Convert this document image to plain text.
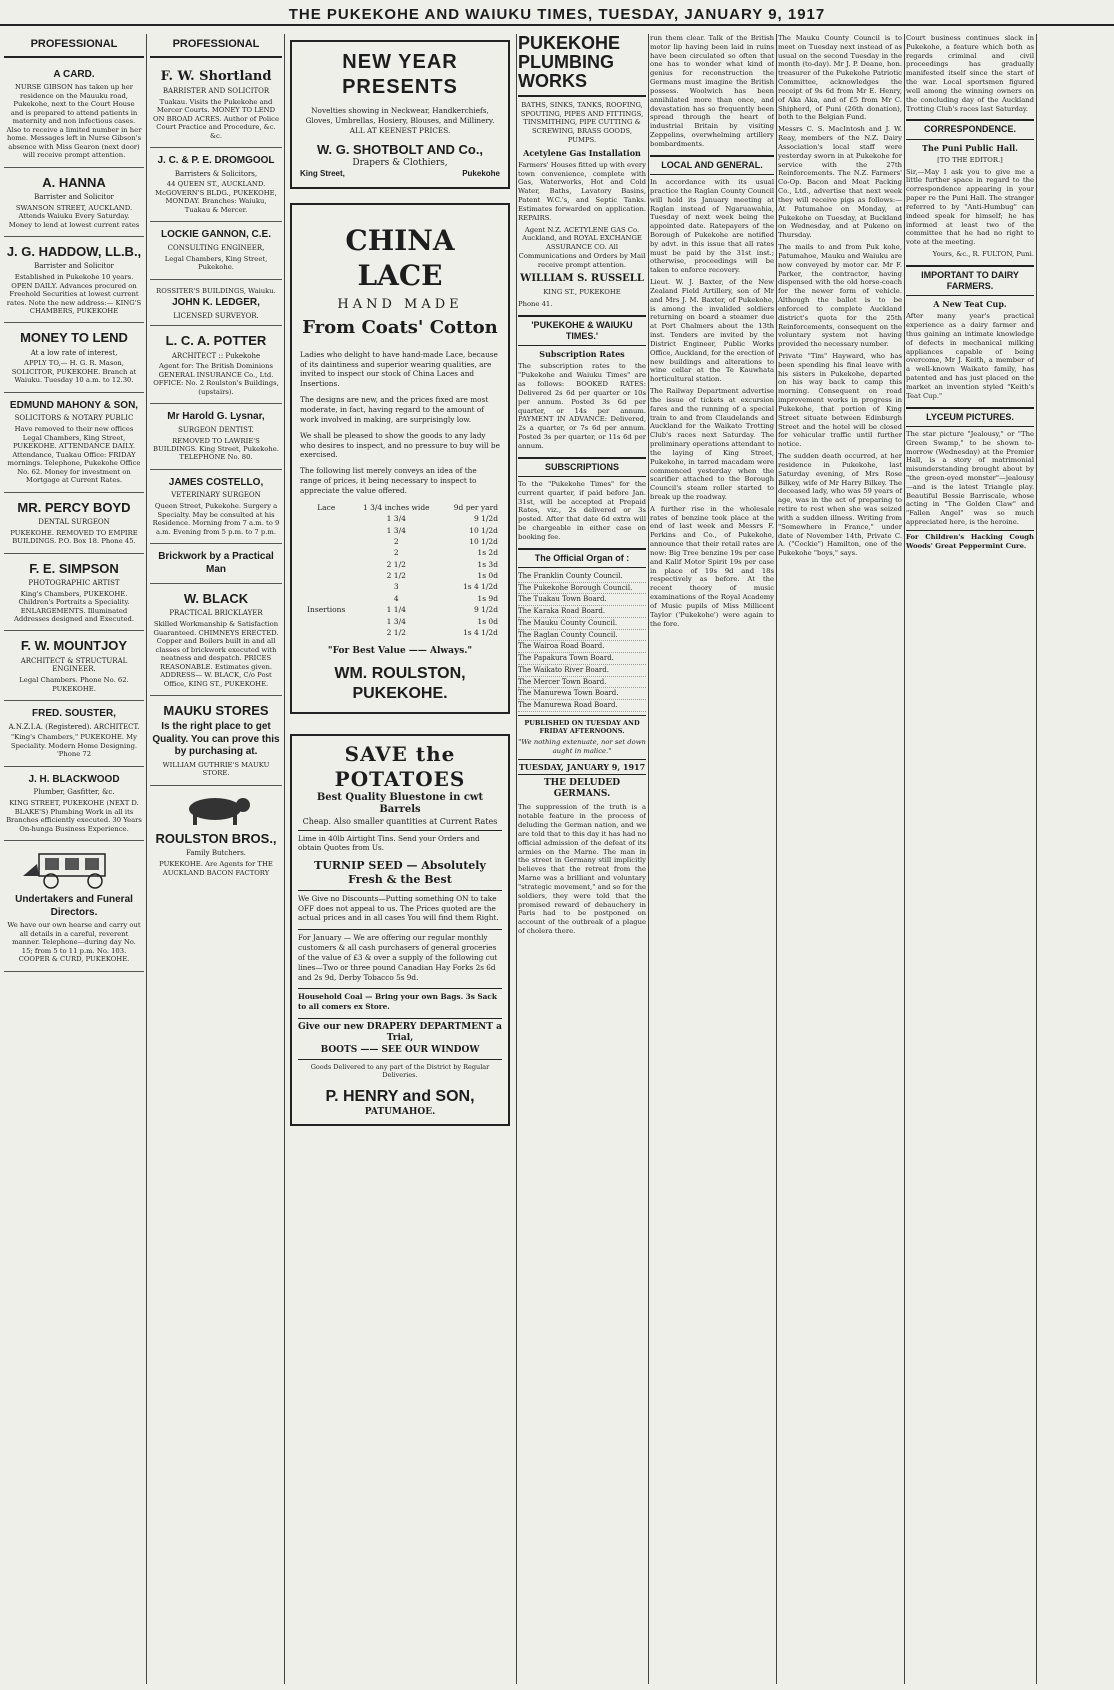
THE PUKEKOHE AND WAIUKU TIMES, TUESDAY, JANUARY 9, 1917
PROFESSIONAL
A CARD.

NURSE GIBSON has taken up her residence on the Mauuku road, Pukekohe, next to the Court House and is prepared to attend patients in maternity and non infectious cases. Also to receive a limited number in her home. Messages left in Nurse Gibson's absence with Miss Gearon (next door) will receive prompt attention.

A. HANNA
Barrister and Solicitor

SWANSON STREET, AUCKLAND. Attends Waiuku Every Saturday. Money to lend at lowest current rates

J. G. HADDOW, LL.B.,
Barrister and Solicitor

Established in Pukekohe 10 years. OPEN DAILY. Advances procured on Freehold Securities at lowest current rates. Note the new address:— KING'S CHAMBERS, PUKEKOHE

MONEY TO LEND
At a low rate of interest,

APPLY TO,— H. G. R. Mason, SOLICITOR, PUKEKOHE. Branch at Waiuku. Tuesday 10 a.m. to 12.30.

EDMUND MAHONY & SON,
SOLICITORS & NOTARY PUBLIC

Have removed to their new offices Legal Chambers, King Street, PUKEKOHE. ATTENDANCE DAILY. Attendance, Tuakau Office: FRIDAY mornings. Telephone, Pukekohe Office No. 62. Money for investment on Mortgage at Current Rates.

MR. PERCY BOYD
DENTAL SURGEON

PUKEKOHE. REMOVED TO EMPIRE BUILDINGS. P.O. Box 18. Phone 45.

F. E. SIMPSON
PHOTOGRAPHIC ARTIST

King's Chambers, PUKEKOHE. Children's Portraits a Speciality. ENLARGEMENTS. Illuminated Addresses designed and Executed.

F. W. MOUNTJOY
ARCHITECT & STRUCTURAL ENGINEER.

Legal Chambers. Phone No. 62. PUKEKOHE.

FRED. SOUSTER,
A.N.Z.I.A. (Registered). ARCHITECT.

"King's Chambers," PUKEKOHE. My Speciality. Modern Home Designing. 'Phone 72

J. H. BLACKWOOD
Plumber, Gasfitter, &c.

KING STREET, PUKEKOHE (NEXT D. BLAKE'S) Plumbing Work in all its Branches efficiently executed. 30 Years On-hunga Business Experience.

Undertakers and Funeral Directors.

We have our own hearse and carry out all details in a careful, reverent manner. Telephone—during day No. 15; from 5 to 11 p.m. No. 103. COOPER & CURD, PUKEKOHE.

PROFESSIONAL
F. W. Shortland
BARRISTER AND SOLICITOR

Tuakau. Visits the Pukekohe and Mercer Courts. MONEY TO LEND ON BROAD ACRES. Author of Police Court Practice and Procedure, &c. &c.

J. C. & P. E. DROMGOOL
Barristers & Solicitors,

44 QUEEN ST., AUCKLAND. McGOVERN'S BLDG., PUKEKOHE, MONDAY. Branches: Waiuku, Tuakau & Mercer.

LOCKIE GANNON, C.E.
CONSULTING ENGINEER,

Legal Chambers, King Street, Pukekohe.

ROSSITER'S BUILDINGS, Waiuku.

JOHN K. LEDGER,
LICENSED SURVEYOR.
L. C. A. POTTER
ARCHITECT :: Pukekohe

Agent for: The British Dominions GENERAL INSURANCE Co., Ltd. OFFICE: No. 2 Roulston's Buildings, (upstairs).

Mr Harold G. Lysnar,
SURGEON DENTIST.

REMOVED TO LAWRIE'S BUILDINGS. King Street, Pukekohe. TELEPHONE No. 80.

JAMES COSTELLO,
VETERINARY SURGEON

Queen Street, Pukekohe. Surgery a Specialty. May be consulted at his Residence. Morning from 7 a.m. to 9 a.m. Evening from 5 p.m. to 7 p.m.

Brickwork by a Practical Man
W. BLACK
PRACTICAL BRICKLAYER

Skilled Workmanship & Satisfaction Guaranteed. CHIMNEYS ERECTED. Copper and Boilers built in and all classes of brickwork executed with neatness and despatch. PRICES REASONABLE. Estimates given. ADDRESS— W. BLACK, C/o Post Office, KING ST., PUKEKOHE.

MAUKU STORES
Is the right place to get Quality. You can prove this by purchasing at.

WILLIAM GUTHRIE'S MAUKU STORE.

ROULSTON BROS.,
Family Butchers.

PUKEKOHE. Are Agents for THE AUCKLAND BACON FACTORY

NEW YEAR PRESENTS
Novelties showing in Neckwear, Handkerchiefs, Gloves, Umbrellas, Hosiery, Blouses, and Millinery. ALL AT KEENEST PRICES.
W. G. SHOTBOLT AND Co.,
Drapers & Clothiers,
King Street,	Pukekohe
CHINA LACE
HAND MADE
From Coats' Cotton
Ladies who delight to have hand-made Lace, because of its daintiness and superior wearing qualities, are invited to inspect our stock of China Laces and Insertions.
The designs are new, and the prices fixed are most moderate, in fact, having regard to the amount of work involved in making, are surprisingly low.
We shall be pleased to show the goods to any lady who desires to inspect, and no pressure to buy will be exercised.
The following list merely conveys an idea of the range of prices, it being necessary to inspect to appreciate the value offered.
Lace	1 3/4 inches wide	9d per yard
	1 3/4	9 1/2d
	1 3/4	10 1/2d
	2	10 1/2d
	2	1s 2d
	2 1/2	1s 3d
	2 1/2	1s 0d
	3	1s 4 1/2d
	4	1s 9d
Insertions	1 1/4	9 1/2d
	1 3/4	1s 0d
	2 1/2	1s 4 1/2d
"For Best Value —— Always."
WM. ROULSTON, PUKEKOHE.
SAVE the POTATOES
Best Quality Bluestone in cwt Barrels
Cheap. Also smaller quantities at Current Rates
Lime in 40lb Airtight Tins. Send your Orders and obtain Quotes from Us.
TURNIP SEED — Absolutely Fresh & the Best
We Give no Discounts—Putting something ON to take OFF does not appeal to us. The Prices quoted are the actual prices and in all cases You will find them Right.
For January — We are offering our regular monthly customers & all cash purchasers of general groceries of the value of £3 & over a supply of the following cut lines—Two or three pound Canadian Hay Forks 2s 6d and 2s 9d, Derby Tobacco 5s 9d.
Household Coal — Bring your own Bags. 3s Sack to all comers ex Store.
Give our new DRAPERY DEPARTMENT a Trial,
BOOTS —— SEE OUR WINDOW
Goods Delivered to any part of the District by Regular Deliveries.
P. HENRY and SON,
PATUMAHOE.
PUKEKOHE PLUMBING WORKS
BATHS, SINKS, TANKS, ROOFING, SPOUTING, PIPES AND FITTINGS, TINSMITHING, PIPE CUTTING & SCREWING, BRASS GOODS, PUMPS.
Acetylene Gas Installation
Farmers' Houses fitted up with every town convenience, complete with Gas, Waterworks, Hot and Cold Water, Baths, Lavatory Basins, Patent W.C.'s, and Septic Tanks. Estimates forwarded on application. REPAIRS.
Agent N.Z. ACETYLENE GAS Co. Auckland, and ROYAL EXCHANGE ASSURANCE CO. All Communications and Orders by Mail receive prompt attention.
WILLIAM S. RUSSELL
KING ST., PUKEKOHE
Phone 41.
'PUKEKOHE & WAIUKU TIMES.'
Subscription Rates
The subscription rates to the "Pukekohe and Waiuku Times" are as follows: BOOKED RATES: Delivered 2s 6d per quarter or 10s per annum. Posted 3s 6d per quarter, or 14s per annum. PAYMENT IN ADVANCE: Delivered, 2s a quarter, or 7s 6d per annum. Posted 3s per quarter, or 11s 6d per annum.
SUBSCRIPTIONS
To the "Pukekohe Times" for the current quarter, if paid before Jan. 31st, will be accepted at Prepaid Rates, viz., 2s delivered or 3s posted. After that date 6d extra will be chargeable in either case on booking fee.
The Official Organ of :
The Franklin County Council.
The Pukekohe Borough Council.
The Tuakau Town Board.
The Karaka Road Board.
The Mauku County Council.
The Raglan County Council.
The Wairoa Road Board.
The Papakura Town Board.
The Waikato River Board.
The Mercer Town Board.
The Manurewa Town Board.
The Manurewa Road Board.
PUBLISHED ON TUESDAY AND FRIDAY AFTERNOONS.
"We nothing extenuate, nor set down aught in malice."
TUESDAY, JANUARY 9, 1917
THE DELUDED GERMANS.
The suppression of the truth is a notable feature in the process of deluding the German nation, and we are told that to this day it has had no official admission of the defeat of its armies on the Marne. The man in the street in Germany still implicitly believes that the retreat from the Marne was a brilliant and voluntary "strategic movement," and so for the soldiers, they were told that the promised reward of debauchery in Paris had to be postponed on account of the outbreak of a plague of cholera there.
run them clear. Talk of the British motor lip having been laid in ruins have been circulated so often that one has to wonder what kind of genius for reconstruction the Germans must imagine the British possess. Woolwich has been annihilated more than once, and devastation has so frequently been spread through the heart of industrial Britain by visiting Zeppelins, overwhelming artillery bombardments.
LOCAL AND GENERAL.
In accordance with its usual practice the Raglan County Council will hold its January meeting at Raglan instead of Ngaruawahia, Tuesday of next week being the appointed date. Ratepayers of the Borough of Pukekohe are notified by advt. in this issue that all rates must be paid by the 31st inst.; otherwise, proceedings will be taken to enforce recovery.
Lieut. W. J. Baxter, of the New Zealand Field Artillery, son of Mr and Mrs J. M. Baxter, of Pukekohe, is among the invalided soldiers returning on board a steamer due at Port Chalmers about the 13th inst. Tenders are invited by the District Engineer, Public Works Office, Auckland, for the erection of new buildings and alterations to wine cellar at the Te Kauwhata horticultural station.
The Railway Department advertise the issue of tickets at excursion fares and the running of a special train to and from Claudelands and Auckland for the Waikato Trotting Club's races next Saturday. The preliminary operations attendant to the laying of King Street, Pukekohe, in tarred macadam were commenced yesterday when the scarifier attached to the Borough Council's steam roller started to break up the roadway.
A further rise in the wholesale rates of benzine took place at the end of last week and Messrs F. Perkins and Co., of Pukekohe, announce that their retail rates are now: Big Tree benzine 19s per case and Kalif Motor Spirit 19s per case in place of 19s 9d and 18s respectively as before. At the recent theory of music examinations of the Royal Academy of Music pupils of Miss Millicent Taylor ('Pukekohe') were again to the fore.
The Mauku County Council is to meet on Tuesday next instead of as usual on the second Tuesday in the month (to-day). Mr J. P. Deane, hon. treasurer of the Pukekohe Patriotic Committee, acknowledges the receipt of 9s 6d from Mr E. Henry, of Aka Aka, and of £5 from Mr C. Shipherd, of Puni (26th donation), both to the Belgian Fund.
Messrs C. S. MacIntosh and J. W. Reay, members of the N.Z. Dairy Association's local staff were yesterday sworn in at Pukekohe for service with the 27th Reinforcements. The N.Z. Farmers' Co-Op. Bacon and Meat Packing Co., Ltd., advertise that next week they will receive pigs as follows:—At Patumahoe on Monday, at Pukekohe on Tuesday, at Buckland on Wednesday, and at Pukeno on Thursday.
The mails to and from Puk kohe, Patumahoe, Mauku and Waiuku are now conveyed by motor car. Mr F. Parker, the contractor, having dispensed with the old horse-coach for the newer form of vehicle. Although the ballot is to be enforced to complete Auckland district's quota for the 25th Reinforcements, consequent on the voluntary system not having provided the necessary number.
Private "Tim" Hayward, who has been spending his final leave with his sisters in Pukekohe, departed on his way back to camp this morning. Consequent on road improvement works in progress in Pukekohe, that portion of King Street situate between Edinburgh Street and the hotel will be closed for vehicular traffic until further notice.
The sudden death occurred, at her residence in Pukekohe, last Saturday evening, of Mrs Rose Bilkey, wife of Mr Harry Bilkey. The deceased lady, who was 59 years of age, was in the act of preparing to retire to rest when she was seized with a sudden illness. Writing from "Somewhere in France," under date of November 14th, Private C. A. ("Cockie") Hamilton, one of the Pukekohe "boys," says.
Court business continues slack in Pukekohe, a feature which both as regards criminal and civil proceedings has gradually manifested itself since the start of the war. Local sportsmen figured well among the winning owners on the concluding day of the Auckland Trotting Club's races last Saturday.
CORRESPONDENCE.
The Puni Public Hall.
[TO THE EDITOR.]
Sir,—May I ask you to give me a little further space in regard to the correspondence appearing in your paper re the Puni Hall. The stranger referred to by "Anti-Humbug" can indeed speak for himself; he has informed at least two of the committee that he had no right to vote at the meeting.
Yours, &c., R. FULTON, Puni.
IMPORTANT TO DAIRY FARMERS.
A New Teat Cup.
After many year's practical experience as a dairy farmer and thus gaining an intimate knowledge of defects in mechanical milking appliances capable of being overcome, Mr J. Keith, a member of a well-known Waikato family, has patented and has just placed on the market an invention styled "Keith's Teat Cup."
LYCEUM PICTURES.
The star picture "Jealousy," or "The Green Swamp," to be shown to-morrow (Wednesday) at the Premier Hall, is a story of matrimonial misunderstanding brought about by "the green-eyed monster"—jealousy—and is the latest Triangle play. Beautiful Bessie Barriscale, whose acting in "The Golden Claw" and "Fallen Angel" was so much appreciated here, is the heroine.
For Children's Hacking Cough Woods' Great Peppermint Cure.
